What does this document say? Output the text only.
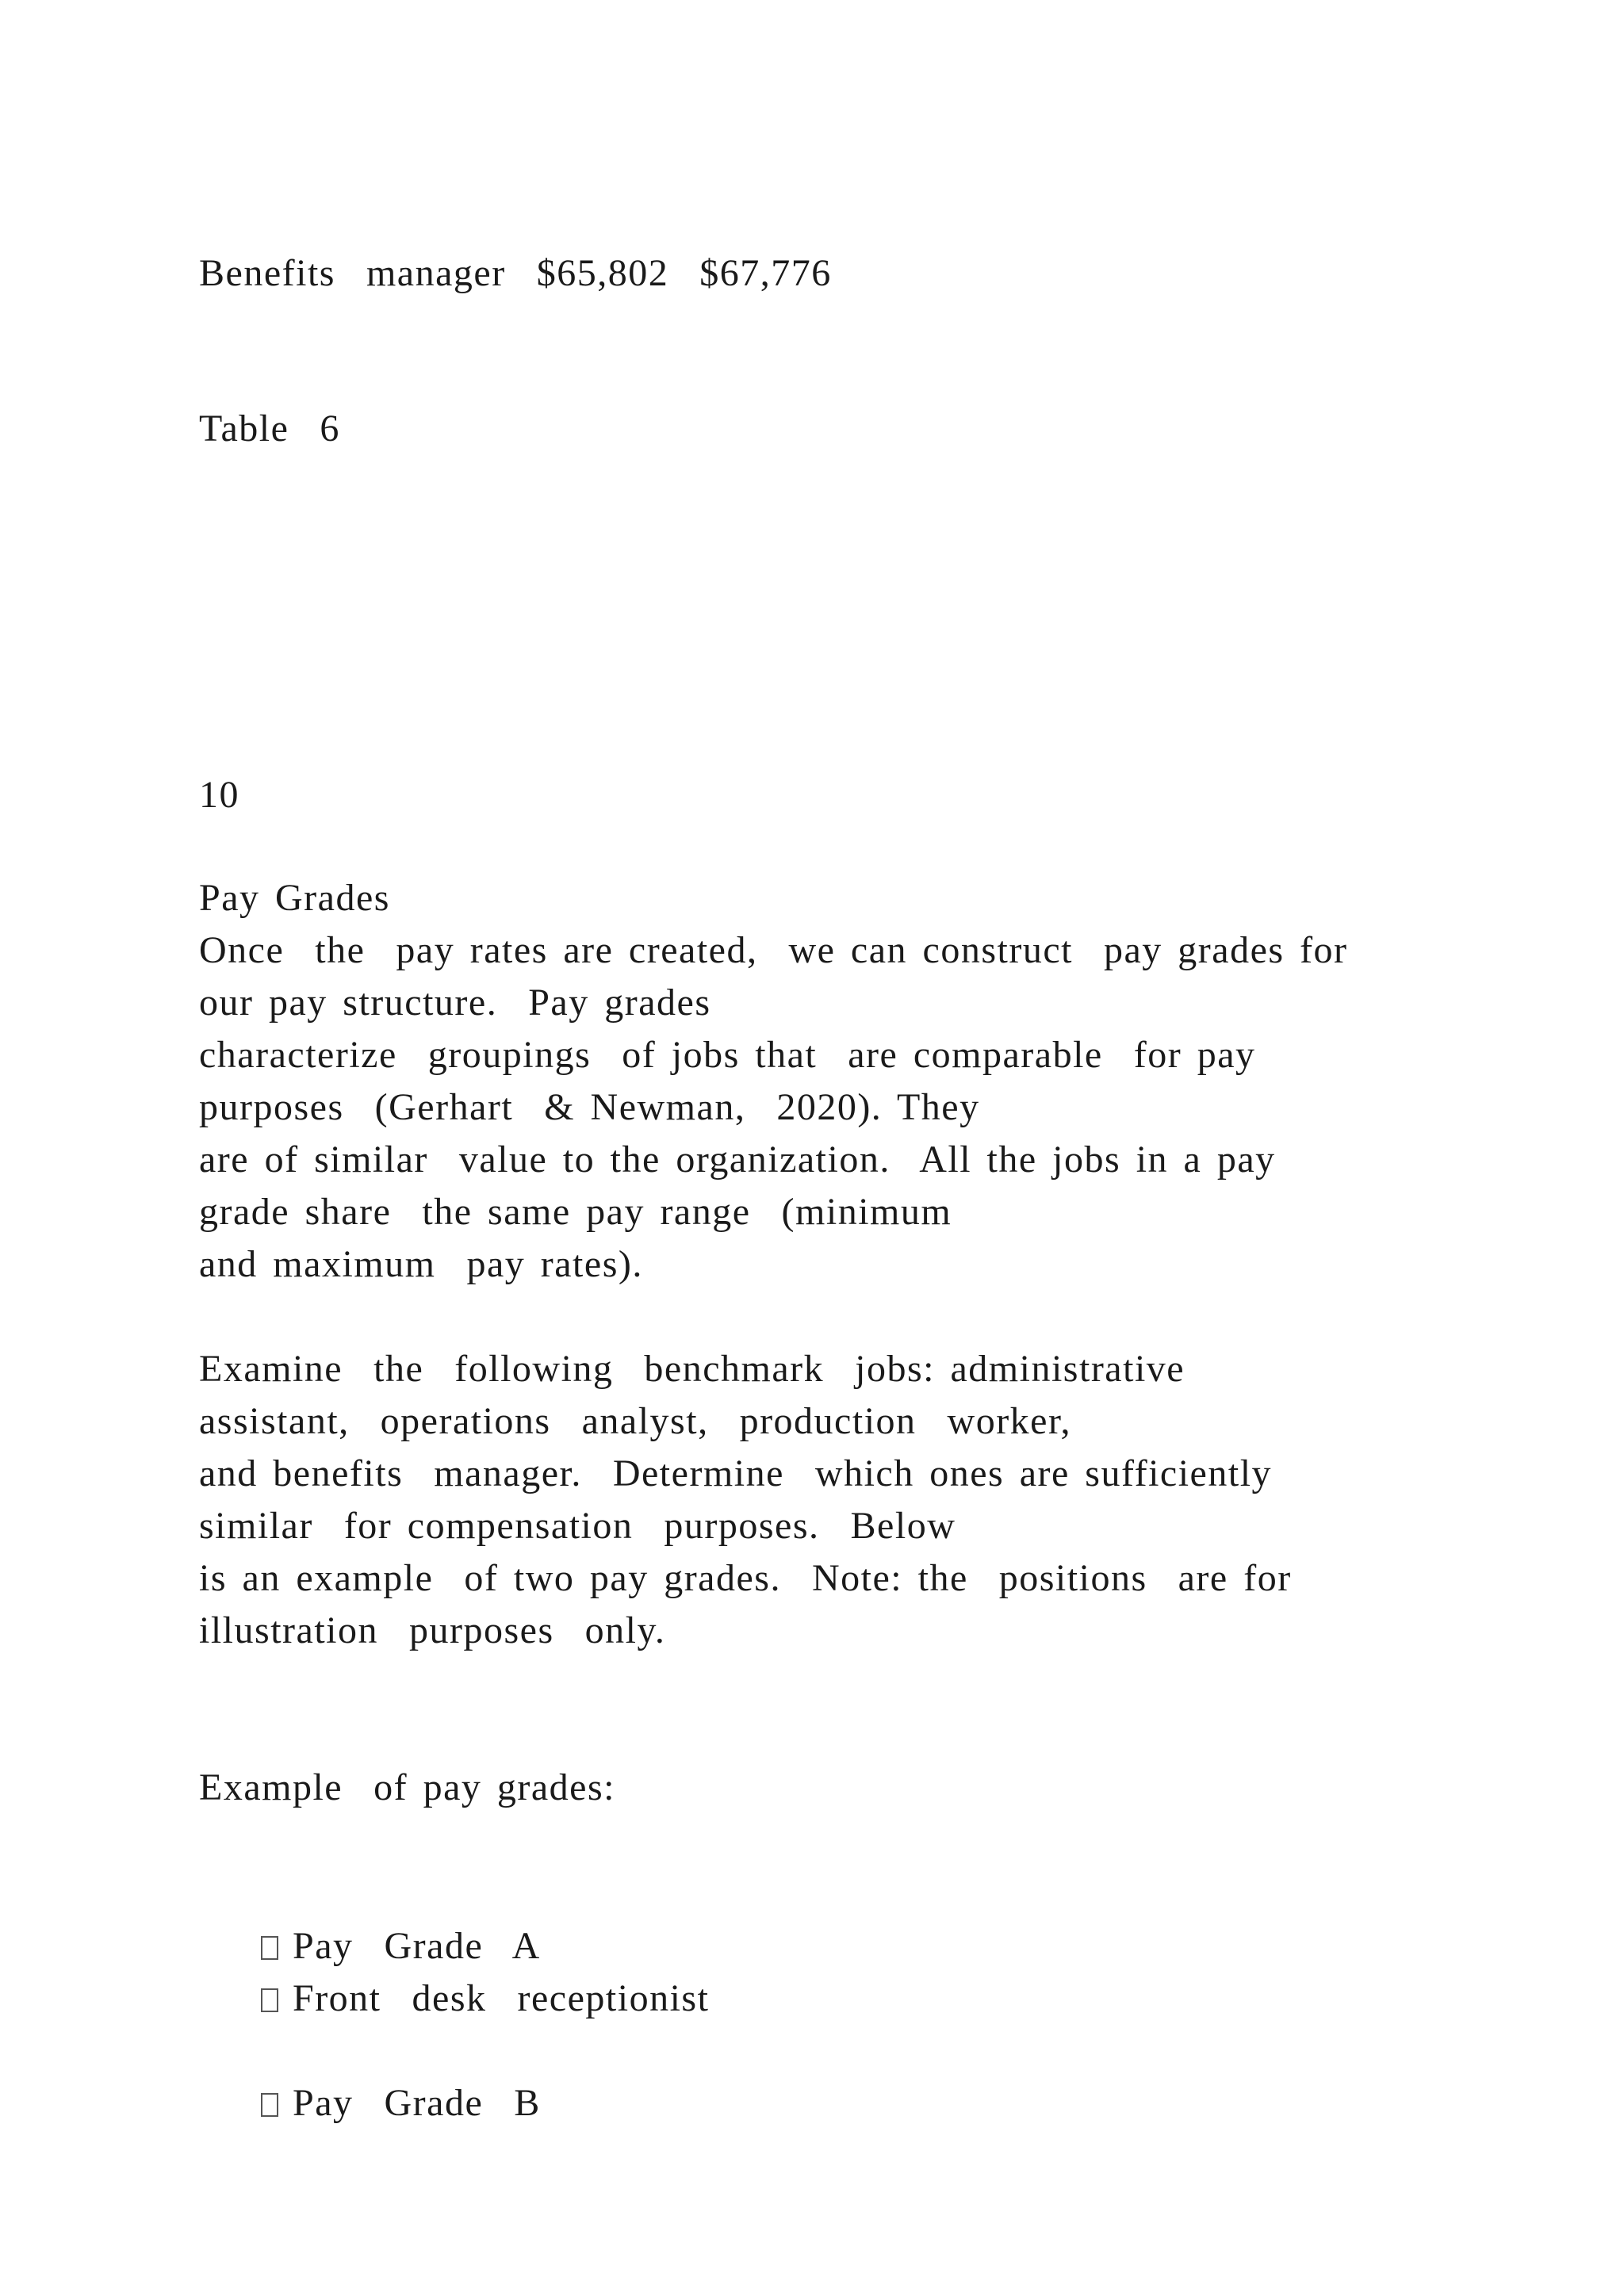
Benefits  manager  $65,802  $67,776
Table  6
10
Pay Grades
Once  the  pay rates are created,  we can construct  pay grades for
our pay structure.  Pay grades
characterize  groupings  of jobs that  are comparable  for pay
purposes  (Gerhart  & Newman,  2020). They
are of similar  value to the organization.  All the jobs in a pay
grade share  the same pay range  (minimum
and maximum  pay rates).
Examine  the  following  benchmark  jobs: administrative
assistant,  operations  analyst,  production  worker,
and benefits  manager.  Determine  which ones are sufficiently
similar  for compensation  purposes.  Below
is an example  of two pay grades.  Note: the  positions  are for
illustration  purposes  only.
Example  of pay grades:

Pay  Grade  A

Front  desk  receptionist

Pay  Grade  B
